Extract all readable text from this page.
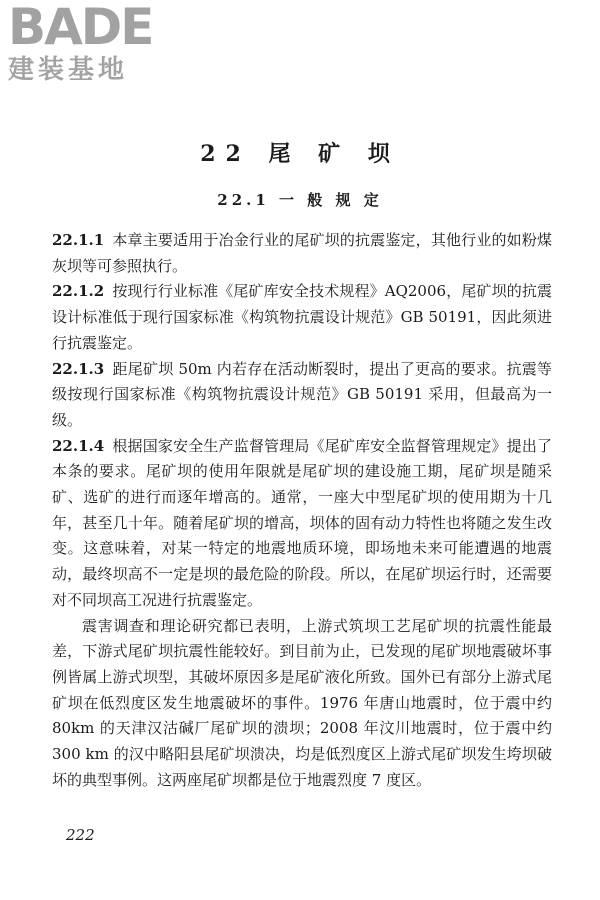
BADE
建装基地
22 尾 矿 坝
22.1 一 般 规 定

22.1.1 本章主要适用于冶金行业的尾矿坝的抗震鉴定，其他行业的如粉煤灰坝等可参照执行。

22.1.2 按现行行业标准《尾矿库安全技术规程》AQ2006，尾矿坝的抗震设计标准低于现行国家标准《构筑物抗震设计规范》GB 50191，因此须进行抗震鉴定。

22.1.3 距尾矿坝 50m 内若存在活动断裂时，提出了更高的要求。抗震等级按现行国家标准《构筑物抗震设计规范》GB 50191 采用，但最高为一级。

22.1.4 根据国家安全生产监督管理局《尾矿库安全监督管理规定》提出了本条的要求。尾矿坝的使用年限就是尾矿坝的建设施工期，尾矿坝是随采矿、选矿的进行而逐年增高的。通常，一座大中型尾矿坝的使用期为十几年，甚至几十年。随着尾矿坝的增高，坝体的固有动力特性也将随之发生改变。这意味着，对某一特定的地震地质环境，即场地未来可能遭遇的地震动，最终坝高不一定是坝的最危险的阶段。所以，在尾矿坝运行时，还需要对不同坝高工况进行抗震鉴定。

震害调查和理论研究都已表明，上游式筑坝工艺尾矿坝的抗震性能最差，下游式尾矿坝抗震性能较好。到目前为止，已发现的尾矿坝地震破坏事例皆属上游式坝型，其破坏原因多是尾矿液化所致。国外已有部分上游式尾矿坝在低烈度区发生地震破坏的事件。1976 年唐山地震时，位于震中约 80km 的天津汉沽碱厂尾矿坝的溃坝；2008 年汶川地震时，位于震中约 300 km 的汉中略阳县尾矿坝溃决，均是低烈度区上游式尾矿坝发生垮坝破坏的典型事例。这两座尾矿坝都是位于地震烈度 7 度区。

222
